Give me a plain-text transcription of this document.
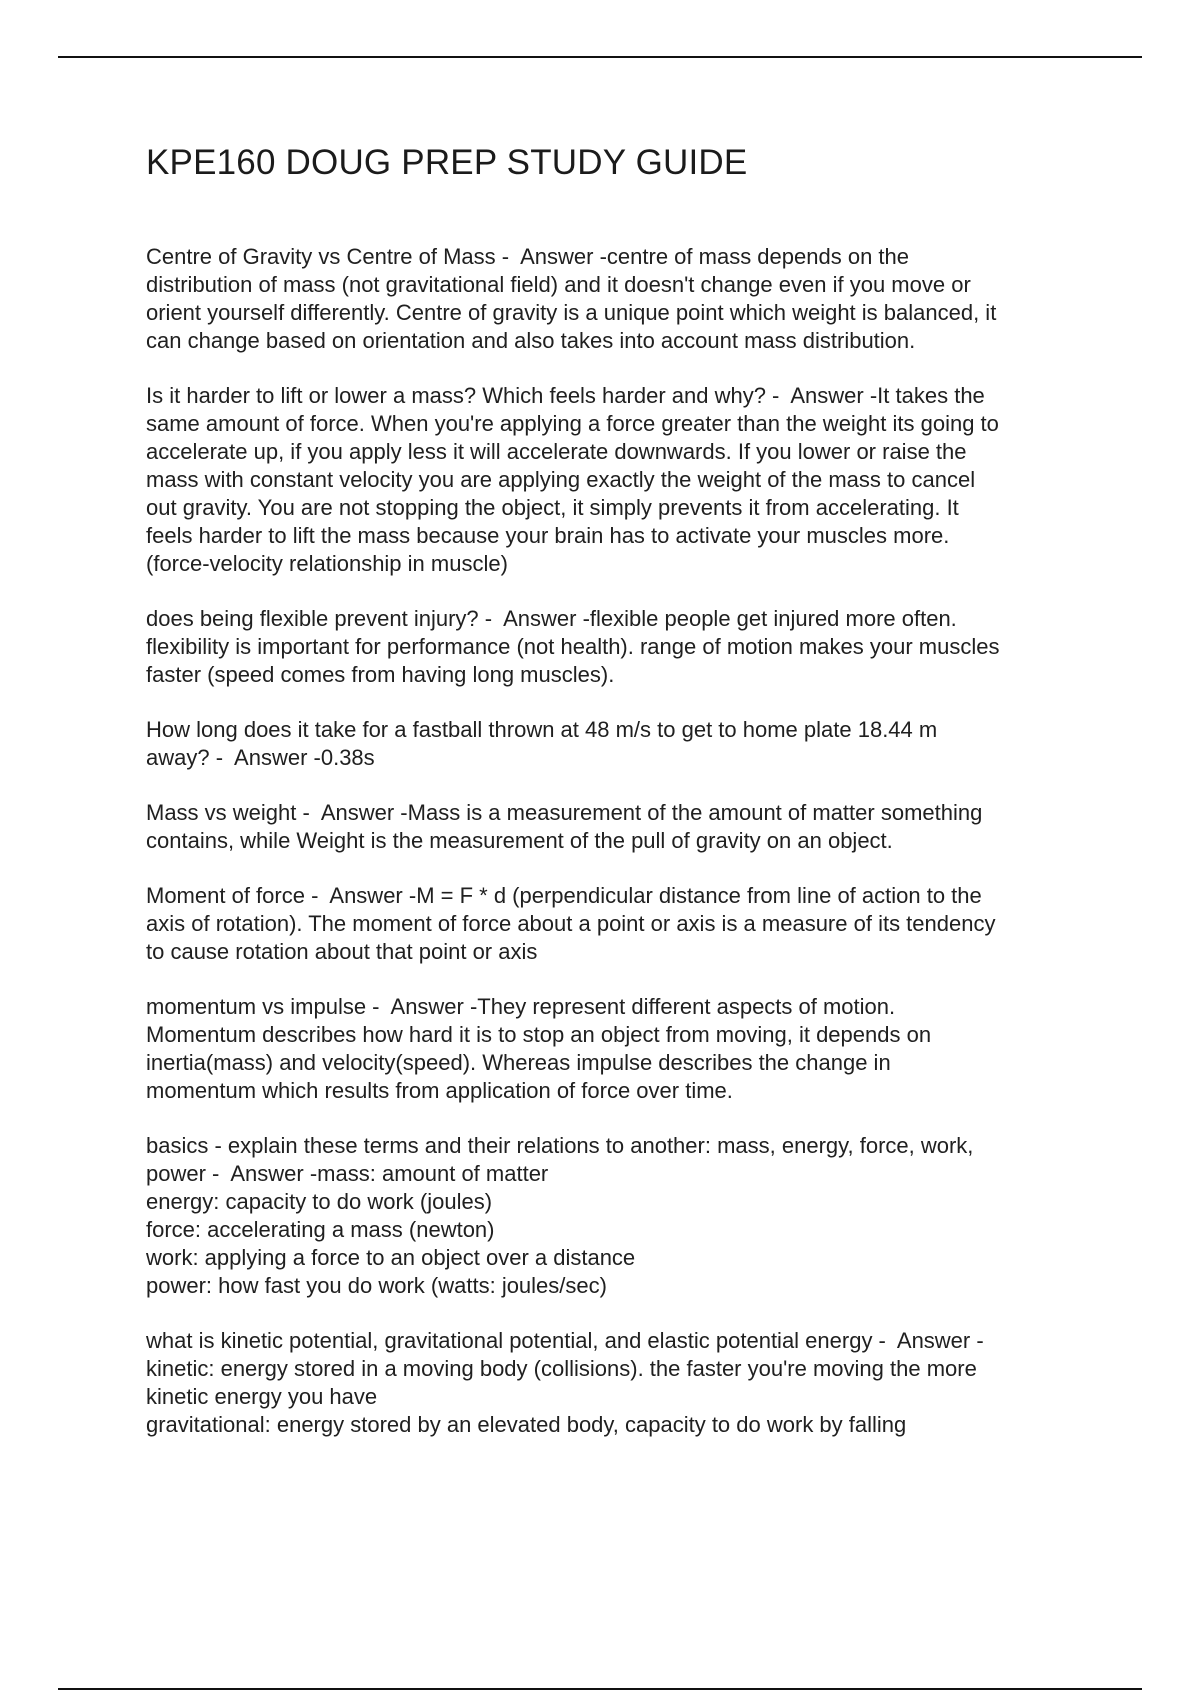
KPE160 DOUG PREP STUDY GUIDE

Centre of Gravity vs Centre of Mass -  Answer -centre of mass depends on the
distribution of mass (not gravitational field) and it doesn't change even if you move or
orient yourself differently. Centre of gravity is a unique point which weight is balanced, it
can change based on orientation and also takes into account mass distribution.

Is it harder to lift or lower a mass? Which feels harder and why? -  Answer -It takes the
same amount of force. When you're applying a force greater than the weight its going to
accelerate up, if you apply less it will accelerate downwards. If you lower or raise the
mass with constant velocity you are applying exactly the weight of the mass to cancel
out gravity. You are not stopping the object, it simply prevents it from accelerating. It
feels harder to lift the mass because your brain has to activate your muscles more.
(force-velocity relationship in muscle)

does being flexible prevent injury? -  Answer -flexible people get injured more often.
flexibility is important for performance (not health). range of motion makes your muscles
faster (speed comes from having long muscles).

How long does it take for a fastball thrown at 48 m/s to get to home plate 18.44 m
away? -  Answer -0.38s

Mass vs weight -  Answer -Mass is a measurement of the amount of matter something
contains, while Weight is the measurement of the pull of gravity on an object.

Moment of force -  Answer -M = F * d (perpendicular distance from line of action to the
axis of rotation). The moment of force about a point or axis is a measure of its tendency
to cause rotation about that point or axis

momentum vs impulse -  Answer -They represent different aspects of motion.
Momentum describes how hard it is to stop an object from moving, it depends on
inertia(mass) and velocity(speed). Whereas impulse describes the change in
momentum which results from application of force over time.

basics - explain these terms and their relations to another: mass, energy, force, work,
power -  Answer -mass: amount of matter
energy: capacity to do work (joules)
force: accelerating a mass (newton)
work: applying a force to an object over a distance
power: how fast you do work (watts: joules/sec)

what is kinetic potential, gravitational potential, and elastic potential energy -  Answer -
kinetic: energy stored in a moving body (collisions). the faster you're moving the more
kinetic energy you have
gravitational: energy stored by an elevated body, capacity to do work by falling
